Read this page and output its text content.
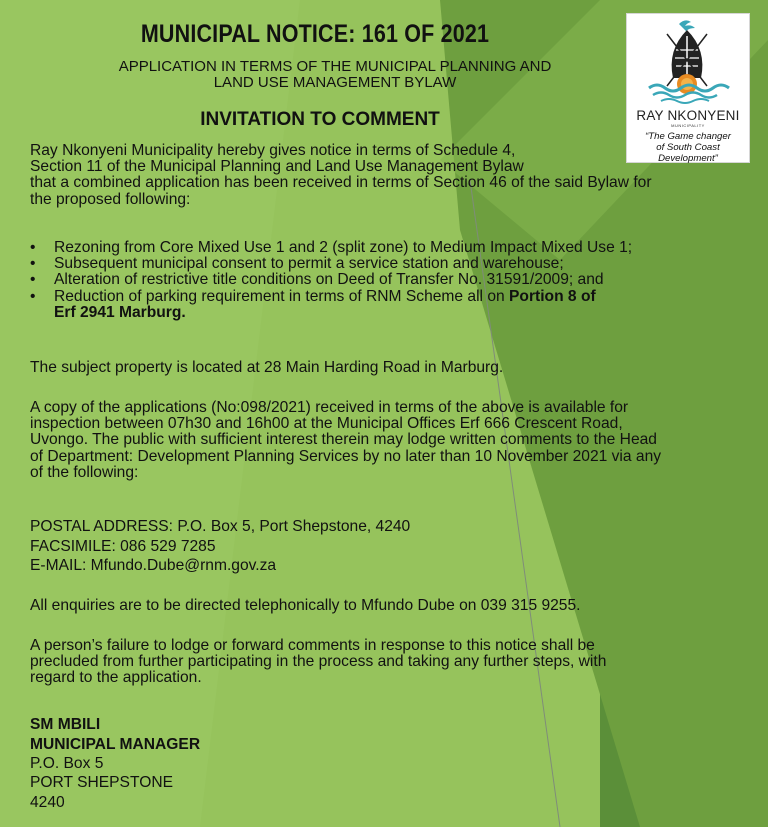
MUNICIPAL NOTICE: 161 OF 2021
APPLICATION IN TERMS OF THE MUNICIPAL PLANNING AND
LAND USE MANAGEMENT BYLAW
INVITATION TO COMMENT
Ray Nkonyeni Municipality hereby gives notice in terms of Schedule 4,
Section 11 of the Municipal Planning and Land Use Management Bylaw
that a combined application has been received in terms of Section 46 of the said Bylaw for
the proposed following:
• Rezoning from Core Mixed Use 1 and 2 (split zone) to Medium Impact Mixed Use 1;
• Subsequent municipal consent to permit a service station and warehouse;
• Alteration of restrictive title conditions on Deed of Transfer No. 31591/2009; and
• Reduction of parking requirement in terms of RNM Scheme all on Portion 8 of
Erf 2941 Marburg.
The subject property is located at 28 Main Harding Road in Marburg.
A copy of the applications (No:098/2021) received in terms of the above is available for
inspection between 07h30 and 16h00 at the Municipal Offices Erf 666 Crescent Road,
Uvongo. The public with sufficient interest therein may lodge written comments to the Head
of Department: Development Planning Services by no later than 10 November 2021 via any
of the following:
POSTAL ADDRESS: P.O. Box 5, Port Shepstone, 4240
FACSIMILE: 086 529 7285
E-MAIL: Mfundo.Dube@rnm.gov.za
All enquiries are to be directed telephonically to Mfundo Dube on 039 315 9255.
A person’s failure to lodge or forward comments in response to this notice shall be
precluded from further participating in the process and taking any further steps, with
regard to the application.
SM MBILI
MUNICIPAL MANAGER
P.O. Box 5
PORT SHEPSTONE
4240
RAY NKONYENI
MUNICIPALITY
“The Game changer
of South Coast
Development”
